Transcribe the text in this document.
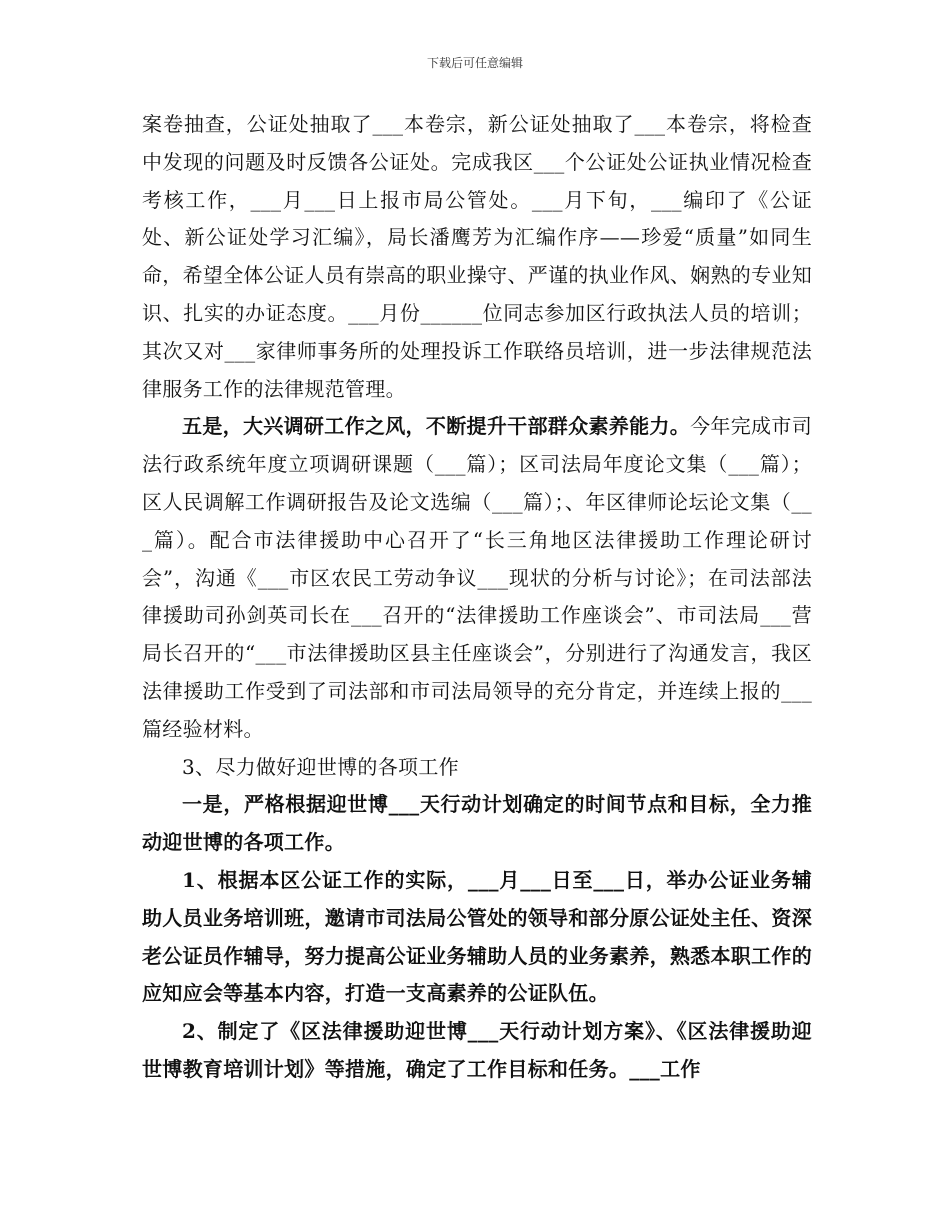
下载后可任意编辑

案卷抽查，公证处抽取了___本卷宗，新公证处抽取了___本卷宗，将检查中发现的问题及时反馈各公证处。完成我区___个公证处公证执业情况检查考核工作，___月___日上报市局公管处。___月下旬，___编印了《公证处、新公证处学习汇编》，局长潘鹰芳为汇编作序——珍爱“质量”如同生命，希望全体公证人员有崇高的职业操守、严谨的执业作风、娴熟的专业知识、扎实的办证态度。___月份______位同志参加区行政执法人员的培训；其次又对___家律师事务所的处理投诉工作联络员培训，进一步法律规范法律服务工作的法律规范管理。

五是，大兴调研工作之风，不断提升干部群众素养能力。今年完成市司法行政系统年度立项调研课题（___篇）；区司法局年度论文集（___篇）；区人民调解工作调研报告及论文选编（___篇）；、年区律师论坛论文集（___篇）。配合市法律援助中心召开了“长三角地区法律援助工作理论研讨会”，沟通《___市区农民工劳动争议___现状的分析与讨论》；在司法部法律援助司孙剑英司长在___召开的“法律援助工作座谈会”、市司法局___营局长召开的“___市法律援助区县主任座谈会”，分别进行了沟通发言，我区法律援助工作受到了司法部和市司法局领导的充分肯定，并连续上报的___篇经验材料。

3、尽力做好迎世博的各项工作

一是，严格根据迎世博___天行动计划确定的时间节点和目标，全力推动迎世博的各项工作。

1、根据本区公证工作的实际，___月___日至___日，举办公证业务辅助人员业务培训班，邀请市司法局公管处的领导和部分原公证处主任、资深老公证员作辅导，努力提高公证业务辅助人员的业务素养，熟悉本职工作的应知应会等基本内容，打造一支高素养的公证队伍。

2、制定了《区法律援助迎世博___天行动计划方案》、《区法律援助迎世博教育培训计划》等措施，确定了工作目标和任务。___工作
